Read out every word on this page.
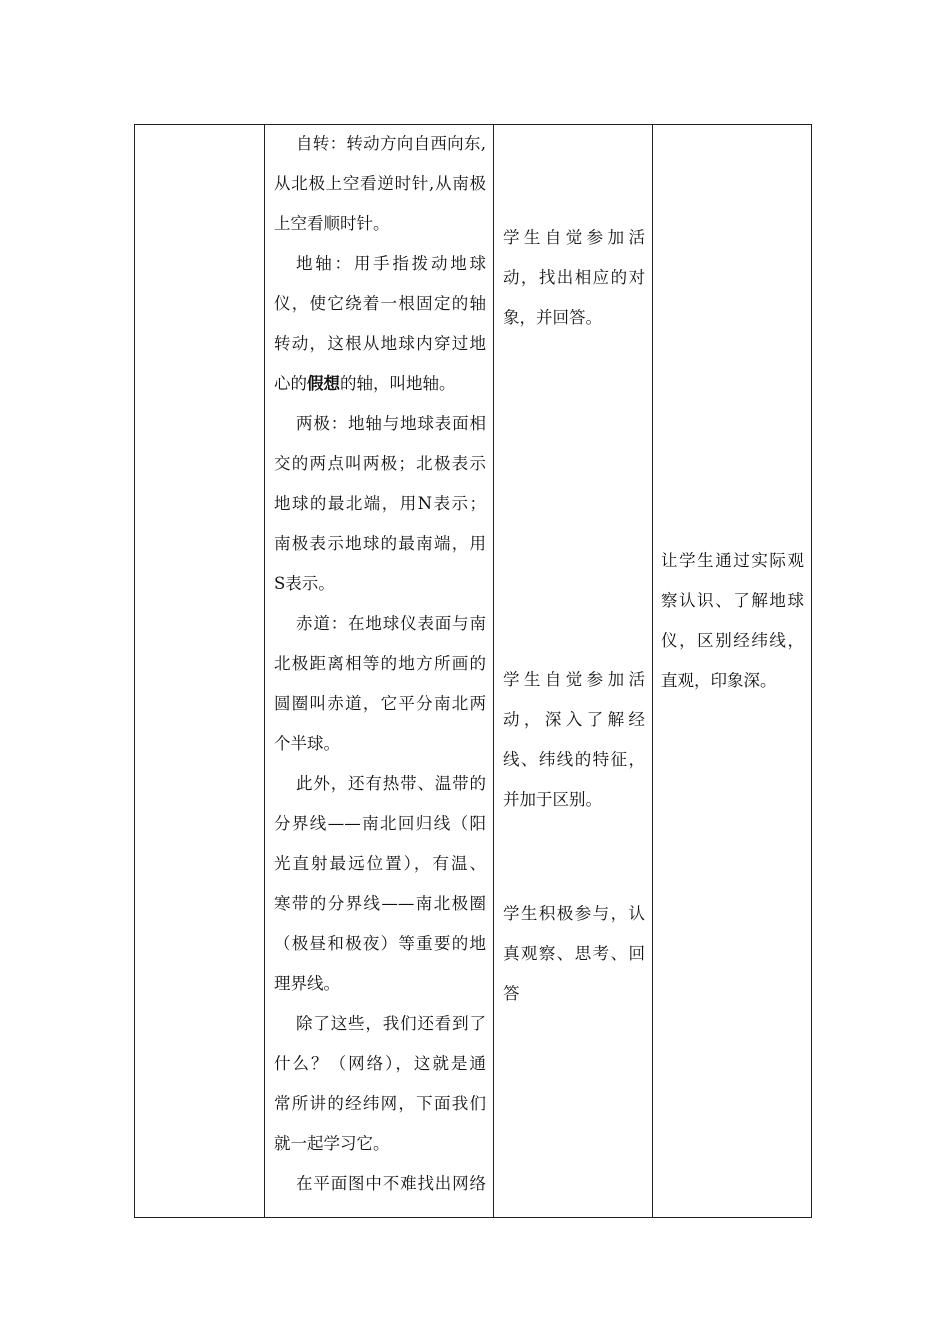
自转：转动方向自西向东,

从北极上空看逆时针,从南极

上空看顺时针。

地轴：用手指拨动地球

仪，使它绕着一根固定的轴

转动，这根从地球内穿过地

心的假想的轴，叫地轴。

两极：地轴与地球表面相

交的两点叫两极；北极表示

地球的最北端，用N表示；

南极表示地球的最南端，用

S表示。

赤道：在地球仪表面与南

北极距离相等的地方所画的

圆圈叫赤道，它平分南北两

个半球。

此外，还有热带、温带的

分界线——南北回归线（阳

光直射最远位置），有温、

寒带的分界线——南北极圈

（极昼和极夜）等重要的地

理界线。

除了这些，我们还看到了

什么？（网络），这就是通

常所讲的经纬网，下面我们

就一起学习它。

在平面图中不难找出网络

学生自觉参加活

动，找出相应的对

象，并回答。

学生自觉参加活

动，深入了解经

线、纬线的特征，

并加于区别。

学生积极参与，认

真观察、思考、回

答

让学生通过实际观

察认识、了解地球

仪，区别经纬线，

直观，印象深。
